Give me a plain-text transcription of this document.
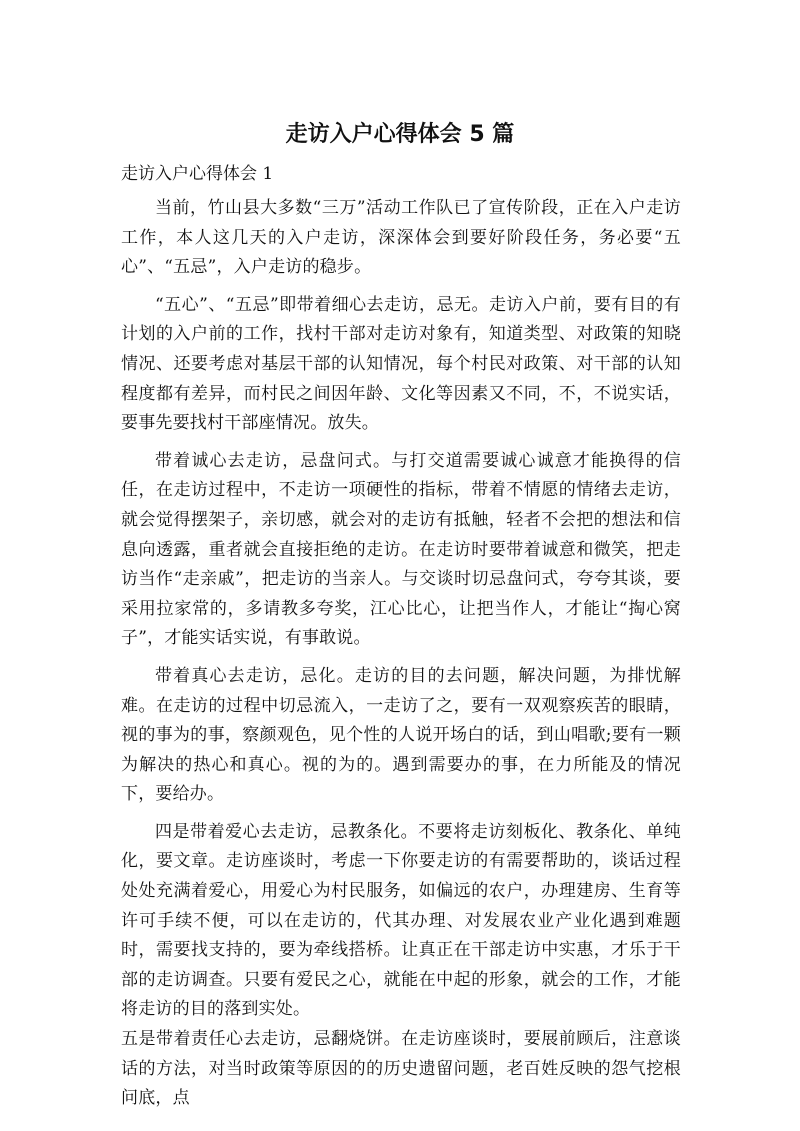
走访入户心得体会 5 篇
走访入户心得体会 1

当前，竹山县大多数“三万”活动工作队已了宣传阶段，正在入户走访工作，本人这几天的入户走访，深深体会到要好阶段任务，务必要“五心”、“五忌”，入户走访的稳步。

“五心”、“五忌”即带着细心去走访，忌无。走访入户前，要有目的有计划的入户前的工作，找村干部对走访对象有，知道类型、对政策的知晓情况、还要考虑对基层干部的认知情况，每个村民对政策、对干部的认知程度都有差异，而村民之间因年龄、文化等因素又不同，不，不说实话，要事先要找村干部座情况。放失。

带着诚心去走访，忌盘问式。与打交道需要诚心诚意才能换得的信任，在走访过程中，不走访一项硬性的指标，带着不情愿的情绪去走访，就会觉得摆架子，亲切感，就会对的走访有抵触，轻者不会把的想法和信息向透露，重者就会直接拒绝的走访。在走访时要带着诚意和微笑，把走访当作“走亲戚”，把走访的当亲人。与交谈时切忌盘问式，夸夸其谈，要采用拉家常的，多请教多夸奖，江心比心，让把当作人，才能让“掏心窝子”，才能实话实说，有事敢说。

带着真心去走访，忌化。走访的目的去问题，解决问题，为排忧解难。在走访的过程中切忌流入，一走访了之，要有一双观察疾苦的眼睛，视的事为的事，察颜观色，见个性的人说开场白的话，到山唱歌;要有一颗为解决的热心和真心。视的为的。遇到需要办的事，在力所能及的情况下，要给办。

四是带着爱心去走访，忌教条化。不要将走访刻板化、教条化、单纯化，要文章。走访座谈时，考虑一下你要走访的有需要帮助的，谈话过程处处充满着爱心，用爱心为村民服务，如偏远的农户，办理建房、生育等许可手续不便，可以在走访的，代其办理、对发展农业产业化遇到难题时，需要找支持的，要为牵线搭桥。让真正在干部走访中实惠，才乐于干部的走访调查。只要有爱民之心，就能在中起的形象，就会的工作，才能将走访的目的落到实处。

五是带着责任心去走访，忌翻烧饼。在走访座谈时，要展前顾后，注意谈话的方法，对当时政策等原因的的历史遗留问题，老百姓反映的怨气挖根问底，点
